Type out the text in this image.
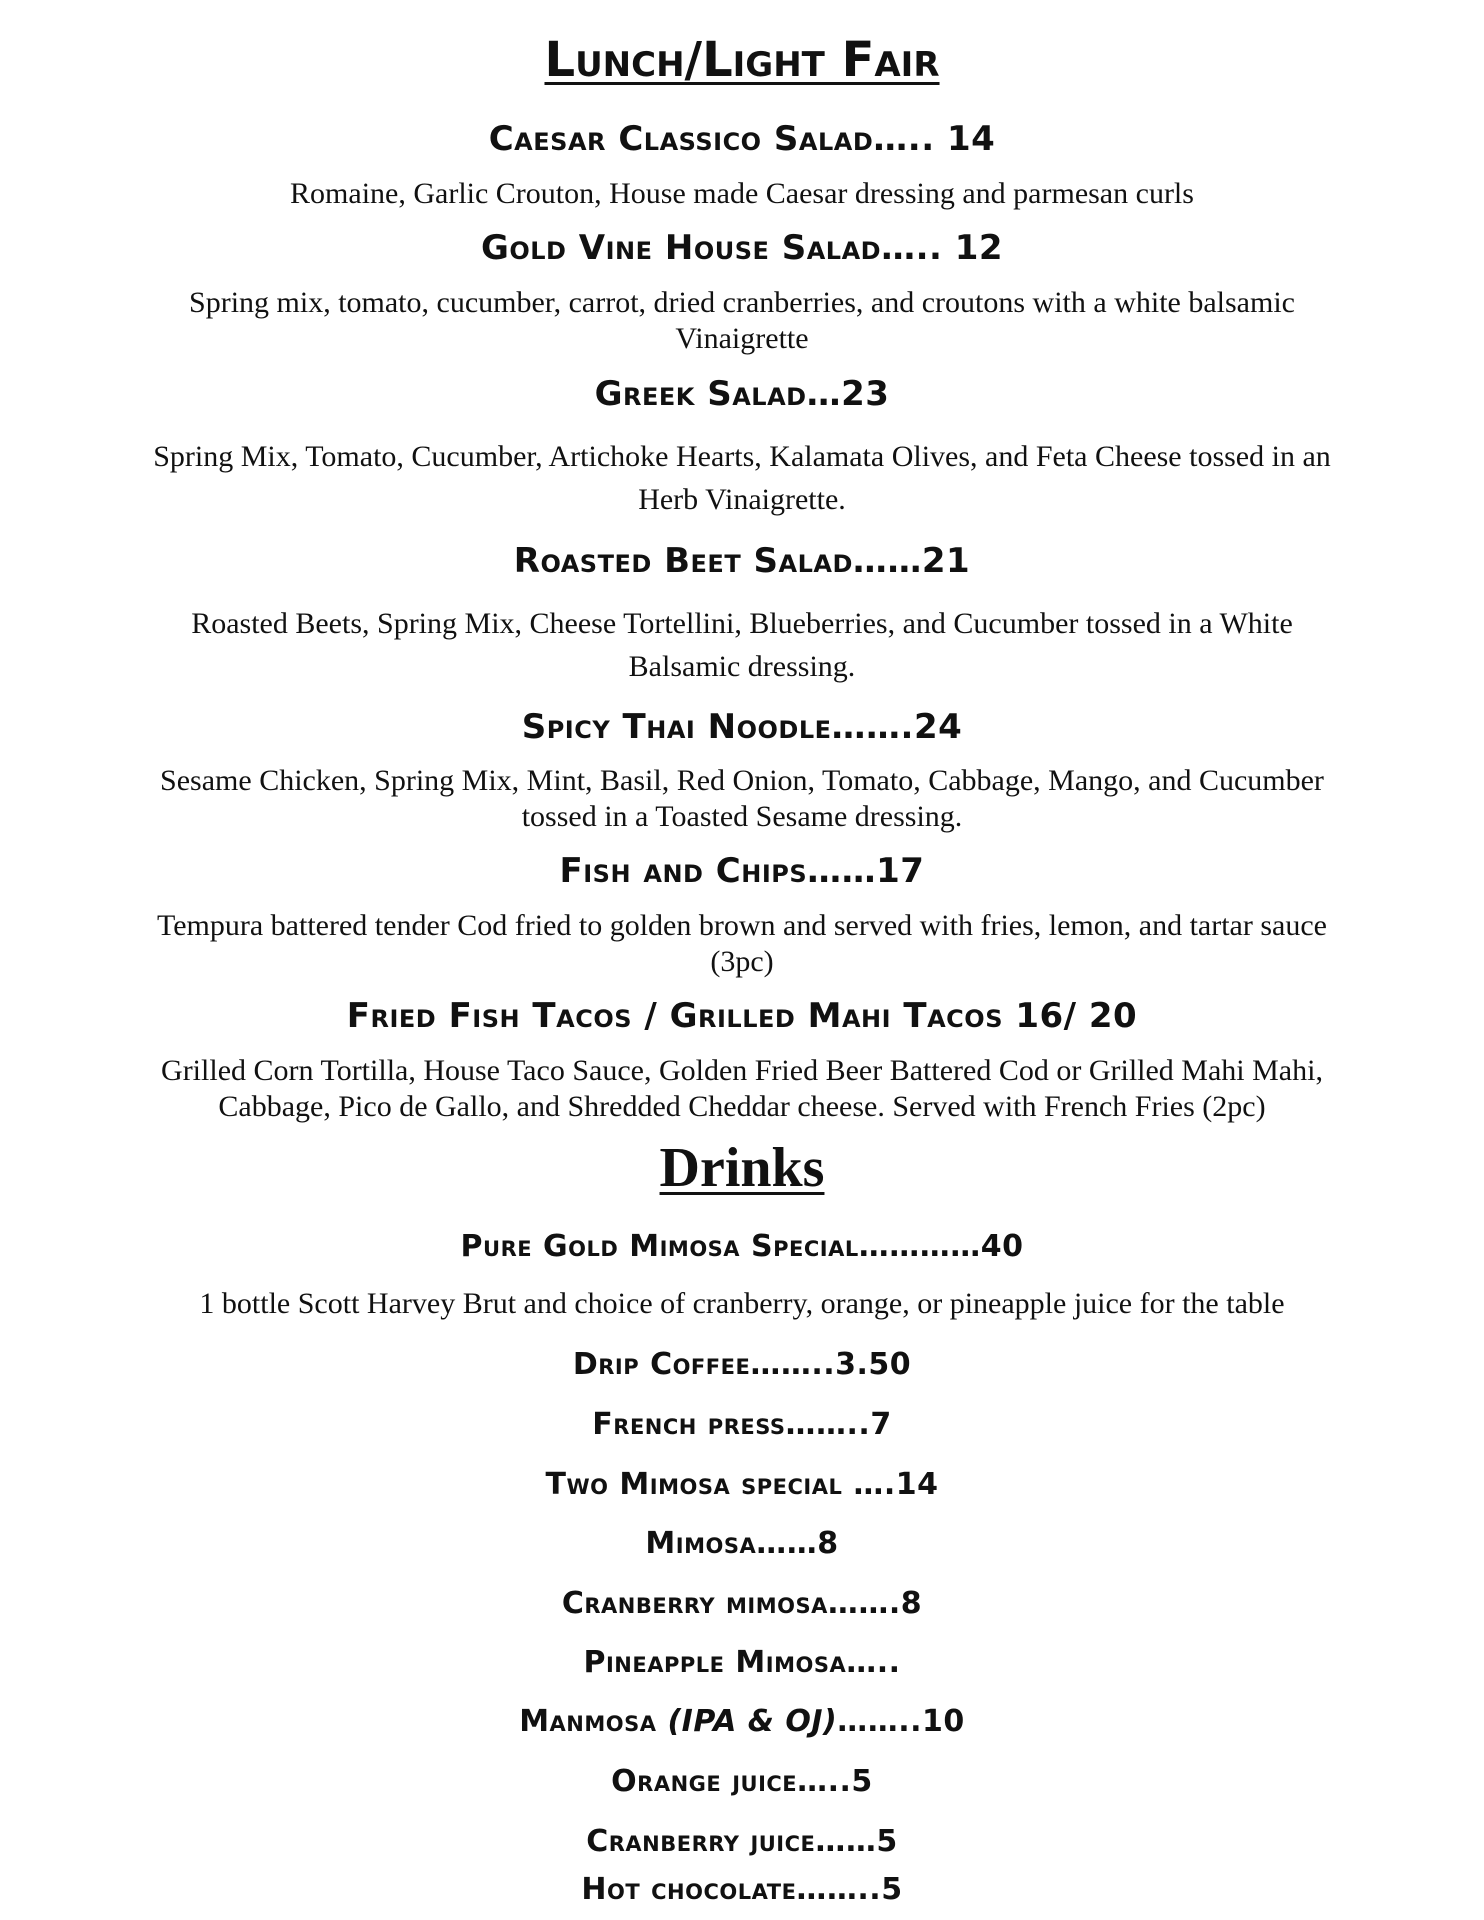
Lunch/Light Fair
Caesar Classico Salad….. 14
Romaine, Garlic Crouton, House made Caesar dressing and parmesan curls
Gold Vine House Salad….. 12
Spring mix, tomato, cucumber, carrot, dried cranberries, and croutons with a white balsamic
Vinaigrette
Greek Salad…23
Spring Mix, Tomato, Cucumber, Artichoke Hearts, Kalamata Olives, and Feta Cheese tossed in an
Herb Vinaigrette.
Roasted Beet Salad……21
Roasted Beets, Spring Mix, Cheese Tortellini, Blueberries, and Cucumber tossed in a White
Balsamic dressing.
Spicy Thai Noodle…….24
Sesame Chicken, Spring Mix, Mint, Basil, Red Onion, Tomato, Cabbage, Mango, and Cucumber
tossed in a Toasted Sesame dressing.
Fish and Chips……17
Tempura battered tender Cod fried to golden brown and served with fries, lemon, and tartar sauce
(3pc)
Fried Fish Tacos / Grilled Mahi Tacos 16/ 20
Grilled Corn Tortilla, House Taco Sauce, Golden Fried Beer Battered Cod or Grilled Mahi Mahi,
Cabbage, Pico de Gallo, and Shredded Cheddar cheese. Served with French Fries (2pc)
Drinks
Pure Gold Mimosa Special…………40
1 bottle Scott Harvey Brut and choice of cranberry, orange, or pineapple juice for the table
Drip Coffee……..3.50
French press……..7
Two Mimosa special ….14
Mimosa……8
Cranberry mimosa…….8
Pineapple Mimosa…..
Manmosa (IPA & OJ)……..10
Orange juice…..5
Cranberry juice……5
Hot chocolate……..5
